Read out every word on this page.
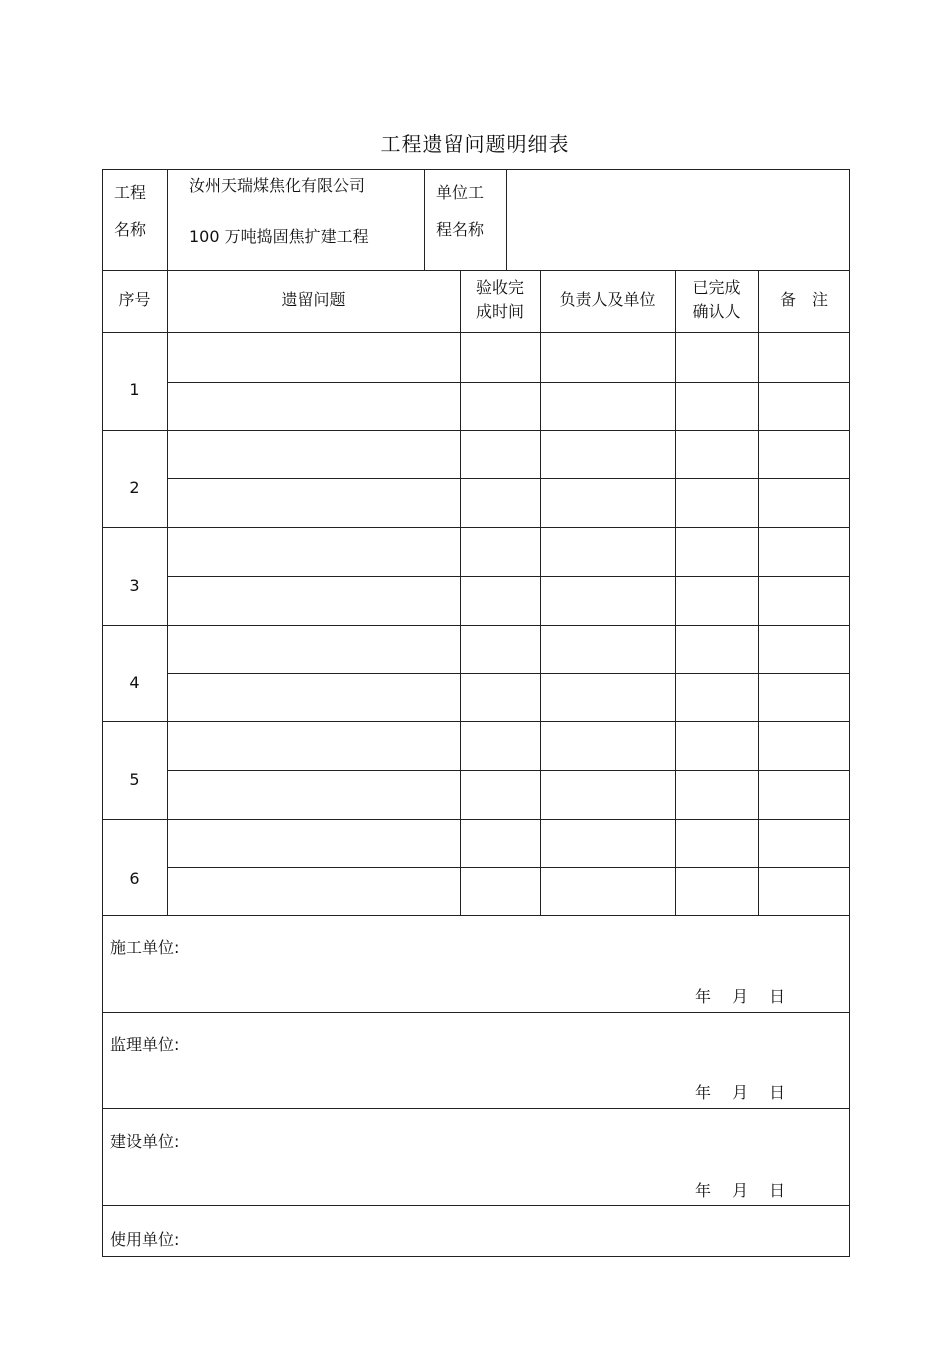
工程遗留问题明细表
工程
名称
汝州天瑞煤焦化有限公司
100 万吨捣固焦扩建工程
单位工
程名称
序号	遗留问题
验收完
成时间
负责人及单位
已完成
确认人
备　注
1
2
3
4
5
6
施工单位:
年　 月　 日
监理单位:
年　 月　 日
建设单位:
年　 月　 日
使用单位:
